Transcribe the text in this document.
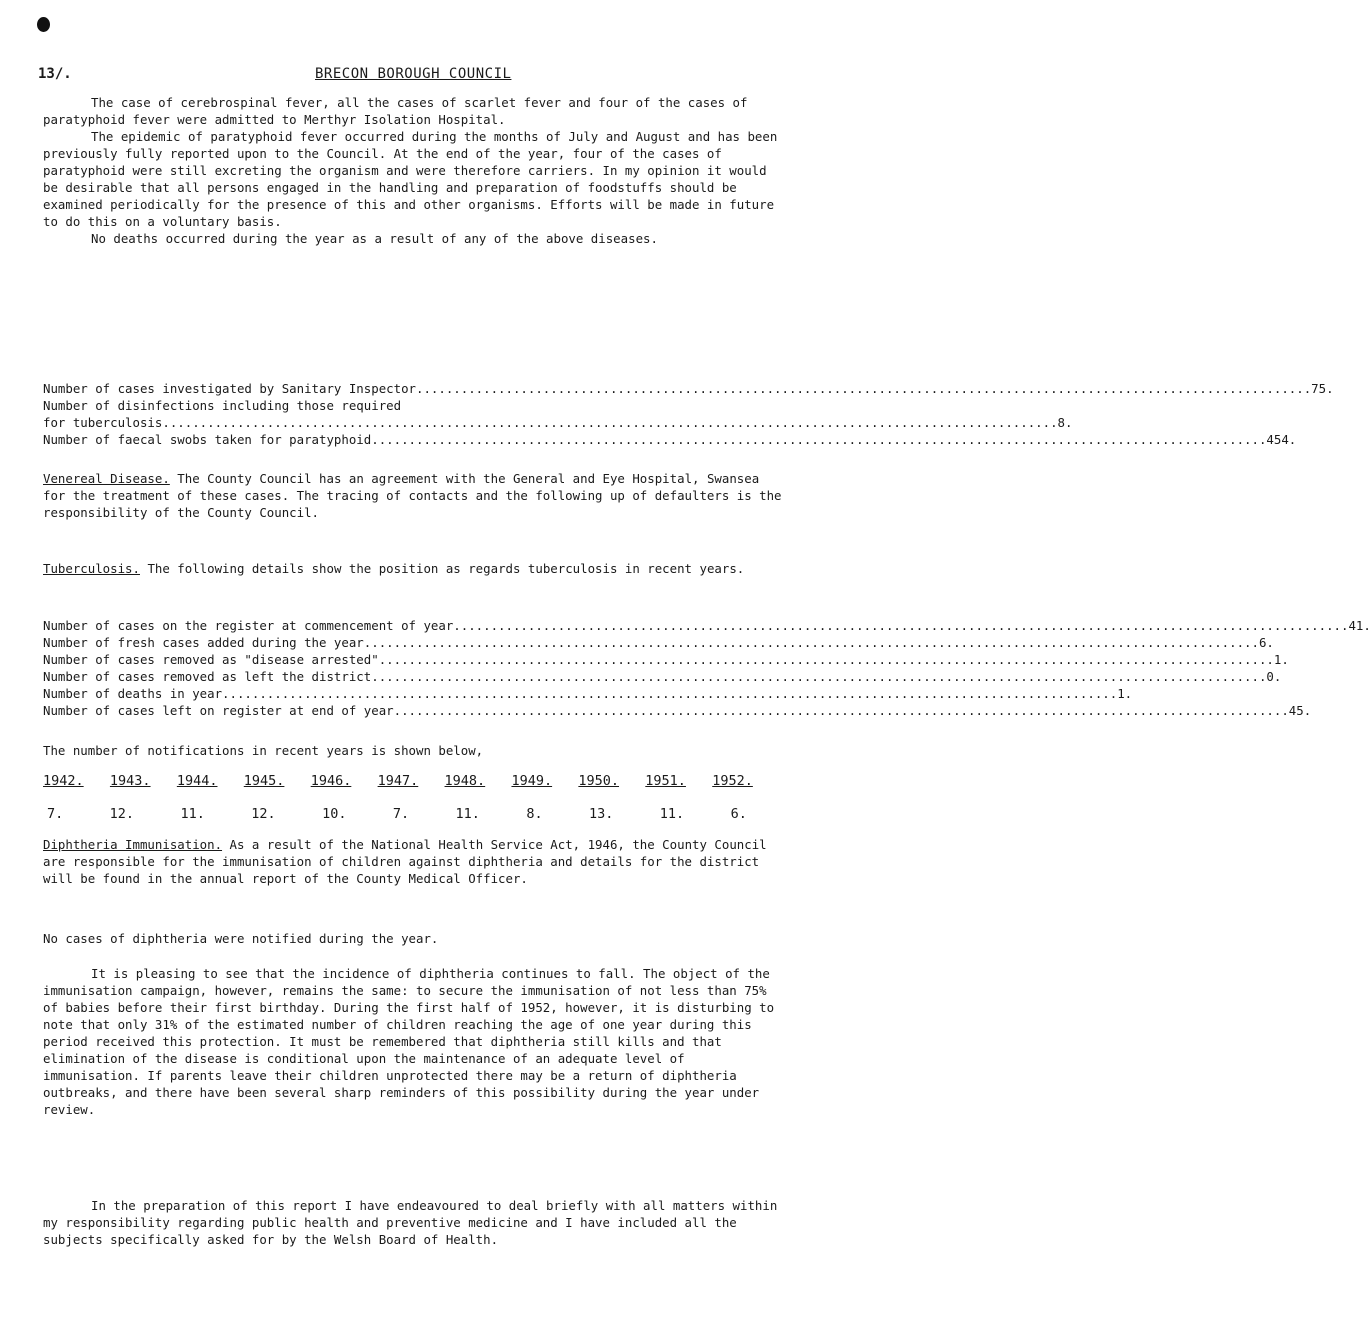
13/.	BRECON BOROUGH COUNCIL

The case of cerebrospinal fever, all the cases of scarlet fever and four of the cases of paratyphoid fever were admitted to Merthyr Isolation Hospital.

The epidemic of paratyphoid fever occurred during the months of July and August and has been previously fully reported upon to the Council. At the end of the year, four of the cases of paratyphoid were still excreting the organism and were therefore carriers. In my opinion it would be desirable that all persons engaged in the handling and preparation of foodstuffs should be examined periodically for the presence of this and other organisms. Efforts will be made in future to do this on a voluntary basis.

No deaths occurred during the year as a result of any of the above diseases.

Number of cases investigated by Sanitary Inspector........................................................................................................................ 75.
Number of disinfections including those required
for tuberculosis........................................................................................................................ 8.
Number of faecal swobs taken for paratyphoid........................................................................................................................ 454.

Venereal Disease. The County Council has an agreement with the General and Eye Hospital, Swansea for the treatment of these cases. The tracing of contacts and the following up of defaulters is the responsibility of the County Council.

Tuberculosis. The following details show the position as regards tuberculosis in recent years.

Number of cases on the register at commencement of year........................................................................................................................ 41.
Number of fresh cases added during the year........................................................................................................................ 6.
Number of cases removed as "disease arrested"........................................................................................................................ 1.
Number of cases removed as left the district........................................................................................................................ 0.
Number of deaths in year........................................................................................................................ 1.
Number of cases left on register at end of year........................................................................................................................ 45.

The number of notifications in recent years is shown below,

1942. 1943. 1944. 1945. 1946. 1947. 1948. 1949. 1950. 1951. 1952.
7.	12.	11.	12.	10.	7.	11.	8.	13.	11.	6.

Diphtheria Immunisation. As a result of the National Health Service Act, 1946, the County Council are responsible for the immunisation of children against diphtheria and details for the district will be found in the annual report of the County Medical Officer.

No cases of diphtheria were notified during the year.

It is pleasing to see that the incidence of diphtheria continues to fall. The object of the immunisation campaign, however, remains the same: to secure the immunisation of not less than 75% of babies before their first birthday. During the first half of 1952, however, it is disturbing to note that only 31% of the estimated number of children reaching the age of one year during this period received this protection. It must be remembered that diphtheria still kills and that elimination of the disease is conditional upon the maintenance of an adequate level of immunisation. If parents leave their children unprotected there may be a return of diphtheria outbreaks, and there have been several sharp reminders of this possibility during the year under review.

In the preparation of this report I have endeavoured to deal briefly with all matters within my responsibility regarding public health and preventive medicine and I have included all the subjects specifically asked for by the Welsh Board of Health.
